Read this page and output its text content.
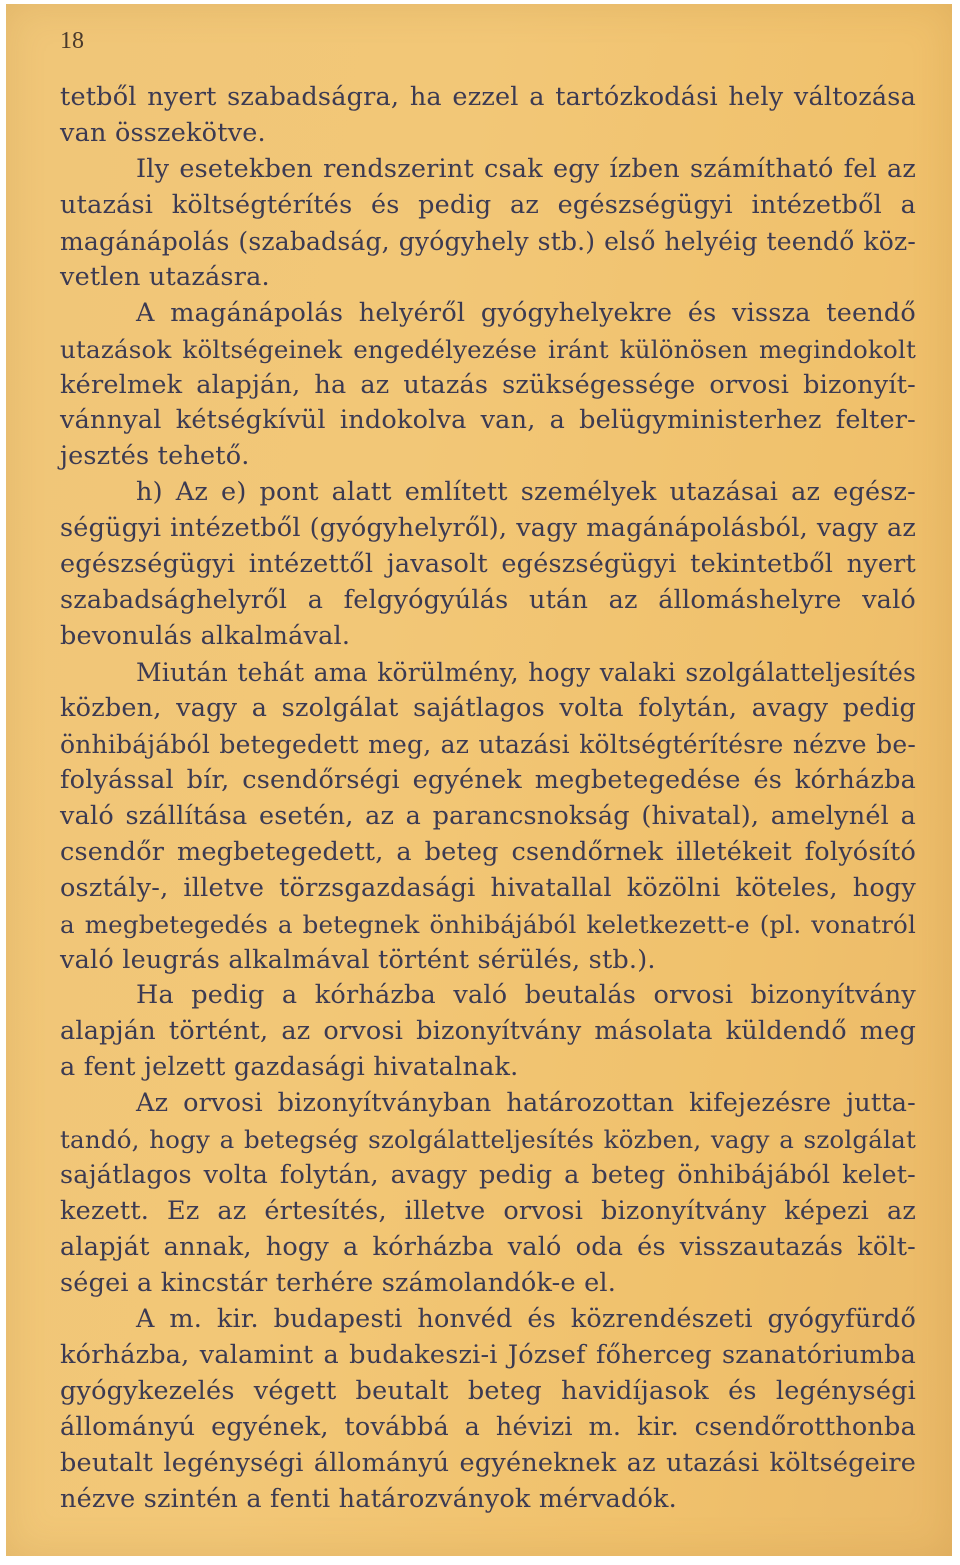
18
tetből nyert szabadságra, ha ezzel a tartózkodási hely változása
van összekötve.
Ily esetekben rendszerint csak egy ízben számítható fel az
utazási költségtérítés és pedig az egészségügyi intézetből a
magánápolás (szabadság, gyógyhely stb.) első helyéig teendő köz-
vetlen utazásra.
A magánápolás helyéről gyógyhelyekre és vissza teendő
utazások költségeinek engedélyezése iránt különösen megindokolt
kérelmek alapján, ha az utazás szükségessége orvosi bizonyít-
vánnyal kétségkívül indokolva van, a belügyministerhez felter-
jesztés tehető.
h) Az e) pont alatt említett személyek utazásai az egész-
ségügyi intézetből (gyógyhelyről), vagy magánápolásból, vagy az
egészségügyi intézettől javasolt egészségügyi tekintetből nyert
szabadsághelyről a felgyógyúlás után az állomáshelyre való
bevonulás alkalmával.
Miután tehát ama körülmény, hogy valaki szolgálatteljesítés
közben, vagy a szolgálat sajátlagos volta folytán, avagy pedig
önhibájából betegedett meg, az utazási költségtérítésre nézve be-
folyással bír, csendőrségi egyének megbetegedése és kórházba
való szállítása esetén, az a parancsnokság (hivatal), amelynél a
csendőr megbetegedett, a beteg csendőrnek illetékeit folyósító
osztály-, illetve törzsgazdasági hivatallal közölni köteles, hogy
a megbetegedés a betegnek önhibájából keletkezett-e (pl. vonatról
való leugrás alkalmával történt sérülés, stb.).
Ha pedig a kórházba való beutalás orvosi bizonyítvány
alapján történt, az orvosi bizonyítvány másolata küldendő meg
a fent jelzett gazdasági hivatalnak.
Az orvosi bizonyítványban határozottan kifejezésre jutta-
tandó, hogy a betegség szolgálatteljesítés közben, vagy a szolgálat
sajátlagos volta folytán, avagy pedig a beteg önhibájából kelet-
kezett. Ez az értesítés, illetve orvosi bizonyítvány képezi az
alapját annak, hogy a kórházba való oda és visszautazás költ-
ségei a kincstár terhére számolandók-e el.
A m. kir. budapesti honvéd és közrendészeti gyógyfürdő
kórházba, valamint a budakeszi-i József főherceg szanatóriumba
gyógykezelés végett beutalt beteg havidíjasok és legénységi
állományú egyének, továbbá a hévizi m. kir. csendőrotthonba
beutalt legénységi állományú egyéneknek az utazási költségeire
nézve szintén a fenti határozványok mérvadók.
